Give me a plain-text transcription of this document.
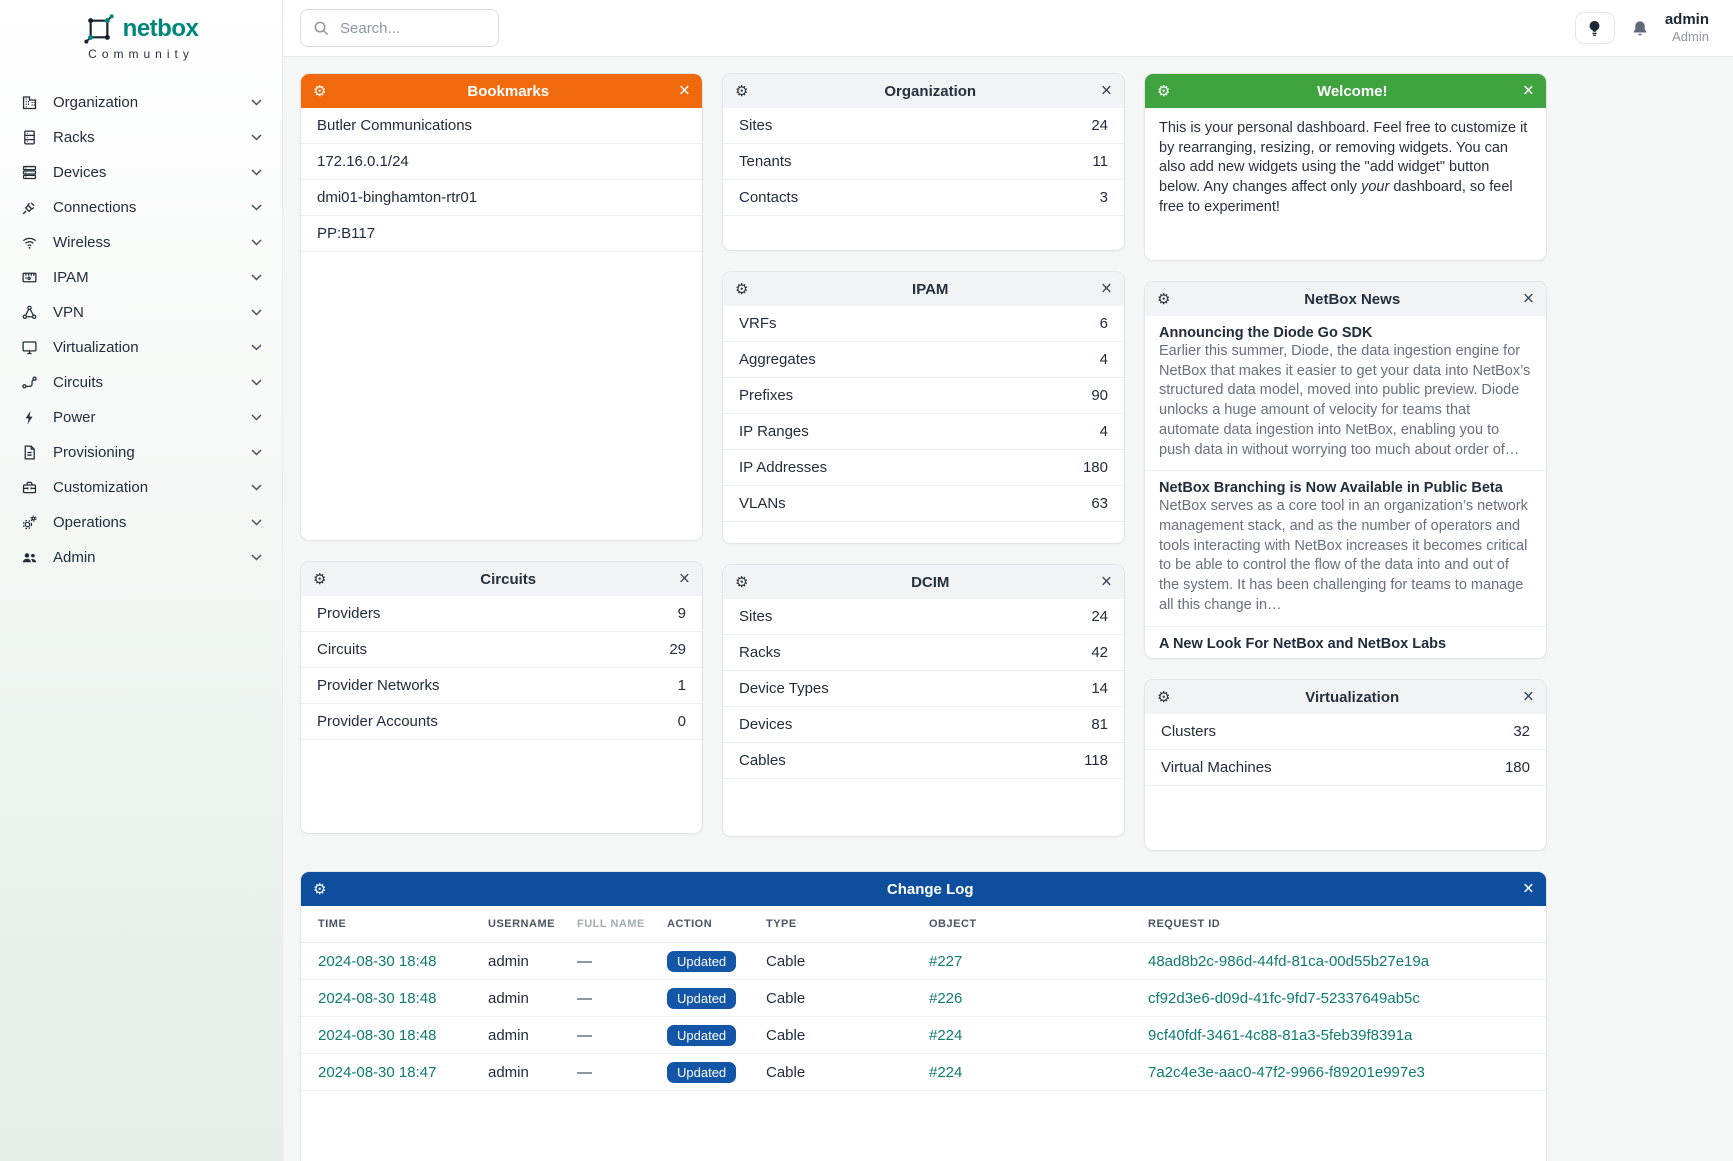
netbox
Community
Organization
Racks
Devices
Connections
Wireless
IPAM
VPN
Virtualization
Circuits
Power
Provisioning
Customization
Operations
Admin
Search...
admin
Admin
⚙	Bookmarks	×
Butler Communications
172.16.0.1/24
dmi01-binghamton-rtr01
PP:B117
⚙	Circuits	×
Providers	9
Circuits	29
Provider Networks	1
Provider Accounts	0
⚙	Organization	×
Sites	24
Tenants	11
Contacts	3
⚙	IPAM	×
VRFs	6
Aggregates	4
Prefixes	90
IP Ranges	4
IP Addresses	180
VLANs	63
⚙	DCIM	×
Sites	24
Racks	42
Device Types	14
Devices	81
Cables	118
⚙	Welcome!	×
This is your personal dashboard. Feel free to customize it by rearranging, resizing, or removing widgets. You can also add new widgets using the "add widget" button below. Any changes affect only your dashboard, so feel free to experiment!
⚙	NetBox News	×
Announcing the Diode Go SDK
Earlier this summer, Diode, the data ingestion engine for NetBox that makes it easier to get your data into NetBox’s structured data model, moved into public preview. Diode unlocks a huge amount of velocity for teams that automate data ingestion into NetBox, enabling you to push data in without worrying too much about order of…
NetBox Branching is Now Available in Public Beta
NetBox serves as a core tool in an organization’s network management stack, and as the number of operators and tools interacting with NetBox increases it becomes critical to be able to control the flow of the data into and out of the system. It has been challenging for teams to manage all this change in…
A New Look For NetBox and NetBox Labs
⚙	Virtualization	×
Clusters	32
Virtual Machines	180
⚙	Change Log	×
TIME	USERNAME	FULL NAME	ACTION	TYPE	OBJECT	REQUEST ID
2024-08-30 18:48	admin	—	Updated	Cable	#227	48ad8b2c-986d-44fd-81ca-00d55b27e19a
2024-08-30 18:48	admin	—	Updated	Cable	#226	cf92d3e6-d09d-41fc-9fd7-52337649ab5c
2024-08-30 18:48	admin	—	Updated	Cable	#224	9cf40fdf-3461-4c88-81a3-5feb39f8391a
2024-08-30 18:47	admin	—	Updated	Cable	#224	7a2c4e3e-aac0-47f2-9966-f89201e997e3
